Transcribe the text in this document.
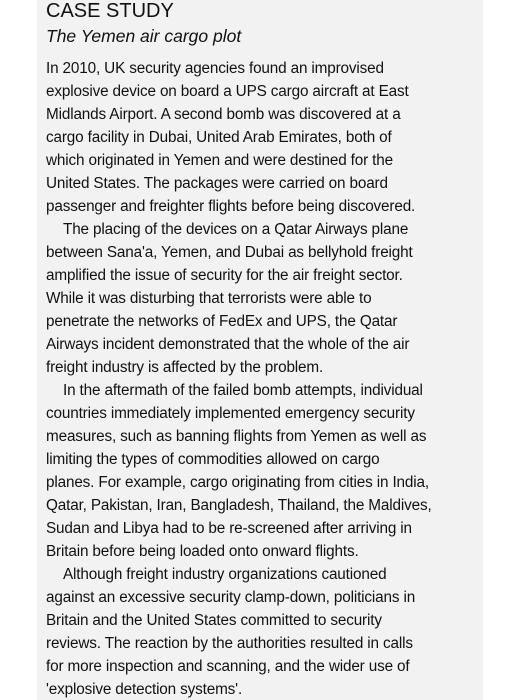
CASE STUDY
The Yemen air cargo plot
In 2010, UK security agencies found an improvised
explosive device on board a UPS cargo aircraft at East
Midlands Airport. A second bomb was discovered at a
cargo facility in Dubai, United Arab Emirates, both of
which originated in Yemen and were destined for the
United States. The packages were carried on board
passenger and freighter flights before being discovered.
The placing of the devices on a Qatar Airways plane
between Sana'a, Yemen, and Dubai as bellyhold freight
amplified the issue of security for the air freight sector.
While it was disturbing that terrorists were able to
penetrate the networks of FedEx and UPS, the Qatar
Airways incident demonstrated that the whole of the air
freight industry is affected by the problem.
In the aftermath of the failed bomb attempts, individual
countries immediately implemented emergency security
measures, such as banning flights from Yemen as well as
limiting the types of commodities allowed on cargo
planes. For example, cargo originating from cities in India,
Qatar, Pakistan, Iran, Bangladesh, Thailand, the Maldives,
Sudan and Libya had to be re-screened after arriving in
Britain before being loaded onto onward flights.
Although freight industry organizations cautioned
against an excessive security clamp-down, politicians in
Britain and the United States committed to security
reviews. The reaction by the authorities resulted in calls
for more inspection and scanning, and the wider use of
'explosive detection systems'.
